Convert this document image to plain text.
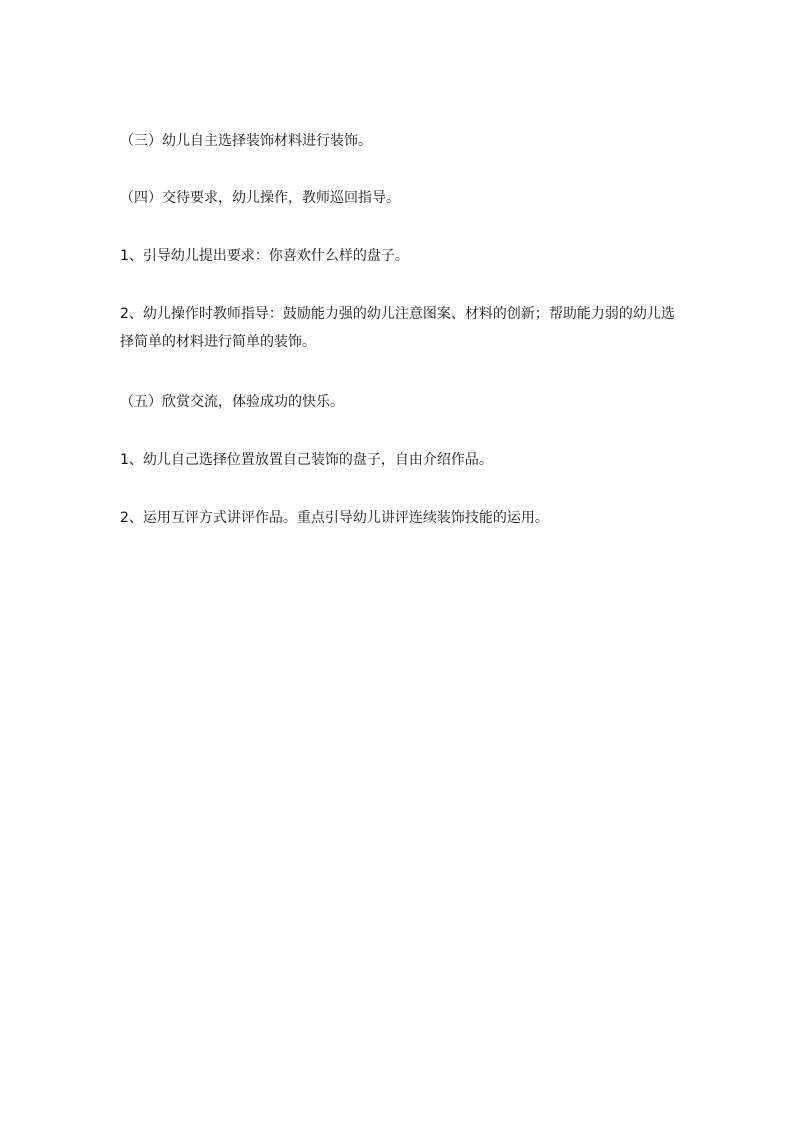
（三）幼儿自主选择装饰材料进行装饰。

（四）交待要求，幼儿操作，教师巡回指导。

1、引导幼儿提出要求：你喜欢什么样的盘子。

2、幼儿操作时教师指导：鼓励能力强的幼儿注意图案、材料的创新；帮助能力弱的幼儿选择简单的材料进行简单的装饰。

（五）欣赏交流，体验成功的快乐。

1、幼儿自己选择位置放置自己装饰的盘子，自由介绍作品。

2、运用互评方式讲评作品。重点引导幼儿讲评连续装饰技能的运用。
